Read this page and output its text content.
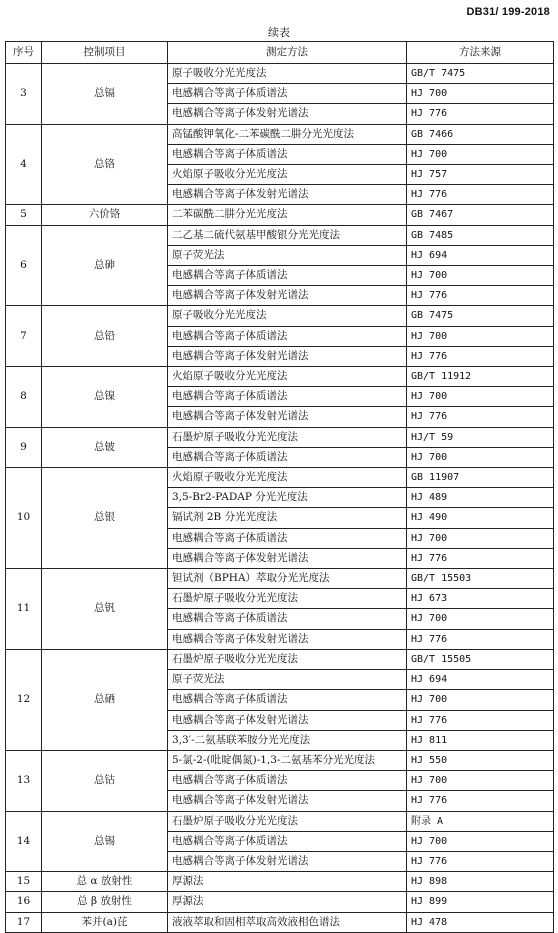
DB31/ 199-2018
续表
序号	控制项目	测定方法	方法来源
3	总镉	原子吸收分光光度法	GB/T 7475
		电感耦合等离子体质谱法	HJ 700
		电感耦合等离子体发射光谱法	HJ 776
4	总铬	高锰酸钾氧化-二苯碳酰二肼分光光度法	GB 7466
		电感耦合等离子体质谱法	HJ 700
		火焰原子吸收分光光度法	HJ 757
		电感耦合等离子体发射光谱法	HJ 776
5	六价铬	二苯碳酰二肼分光光度法	GB 7467
6	总砷	二乙基二硫代氨基甲酸银分光光度法	GB 7485
		原子荧光法	HJ 694
		电感耦合等离子体质谱法	HJ 700
		电感耦合等离子体发射光谱法	HJ 776
7	总铅	原子吸收分光光度法	GB 7475
		电感耦合等离子体质谱法	HJ 700
		电感耦合等离子体发射光谱法	HJ 776
8	总镍	火焰原子吸收分光光度法	GB/T 11912
		电感耦合等离子体质谱法	HJ 700
		电感耦合等离子体发射光谱法	HJ 776
9	总铍	石墨炉原子吸收分光光度法	HJ/T 59
		电感耦合等离子体质谱法	HJ 700
10	总银	火焰原子吸收分光光度法	GB 11907
		3,5-Br2-PADAP 分光光度法	HJ 489
		镉试剂 2B 分光光度法	HJ 490
		电感耦合等离子体质谱法	HJ 700
		电感耦合等离子体发射光谱法	HJ 776
11	总钒	钽试剂（BPHA）萃取分光光度法	GB/T 15503
		石墨炉原子吸收分光光度法	HJ 673
		电感耦合等离子体质谱法	HJ 700
		电感耦合等离子体发射光谱法	HJ 776
12	总硒	石墨炉原子吸收分光光度法	GB/T 15505
		原子荧光法	HJ 694
		电感耦合等离子体质谱法	HJ 700
		电感耦合等离子体发射光谱法	HJ 776
		3,3′-二氨基联苯胺分光光度法	HJ 811
13	总钴	5-氯-2-(吡啶偶氮)-1,3-二氨基苯分光光度法	HJ 550
		电感耦合等离子体质谱法	HJ 700
		电感耦合等离子体发射光谱法	HJ 776
14	总锡	石墨炉原子吸收分光光度法	附录 A
		电感耦合等离子体质谱法	HJ 700
		电感耦合等离子体发射光谱法	HJ 776
15	总 α 放射性	厚源法	HJ 898
16	总 β 放射性	厚源法	HJ 899
17	苯并(a)芘	液液萃取和固相萃取高效液相色谱法	HJ 478
